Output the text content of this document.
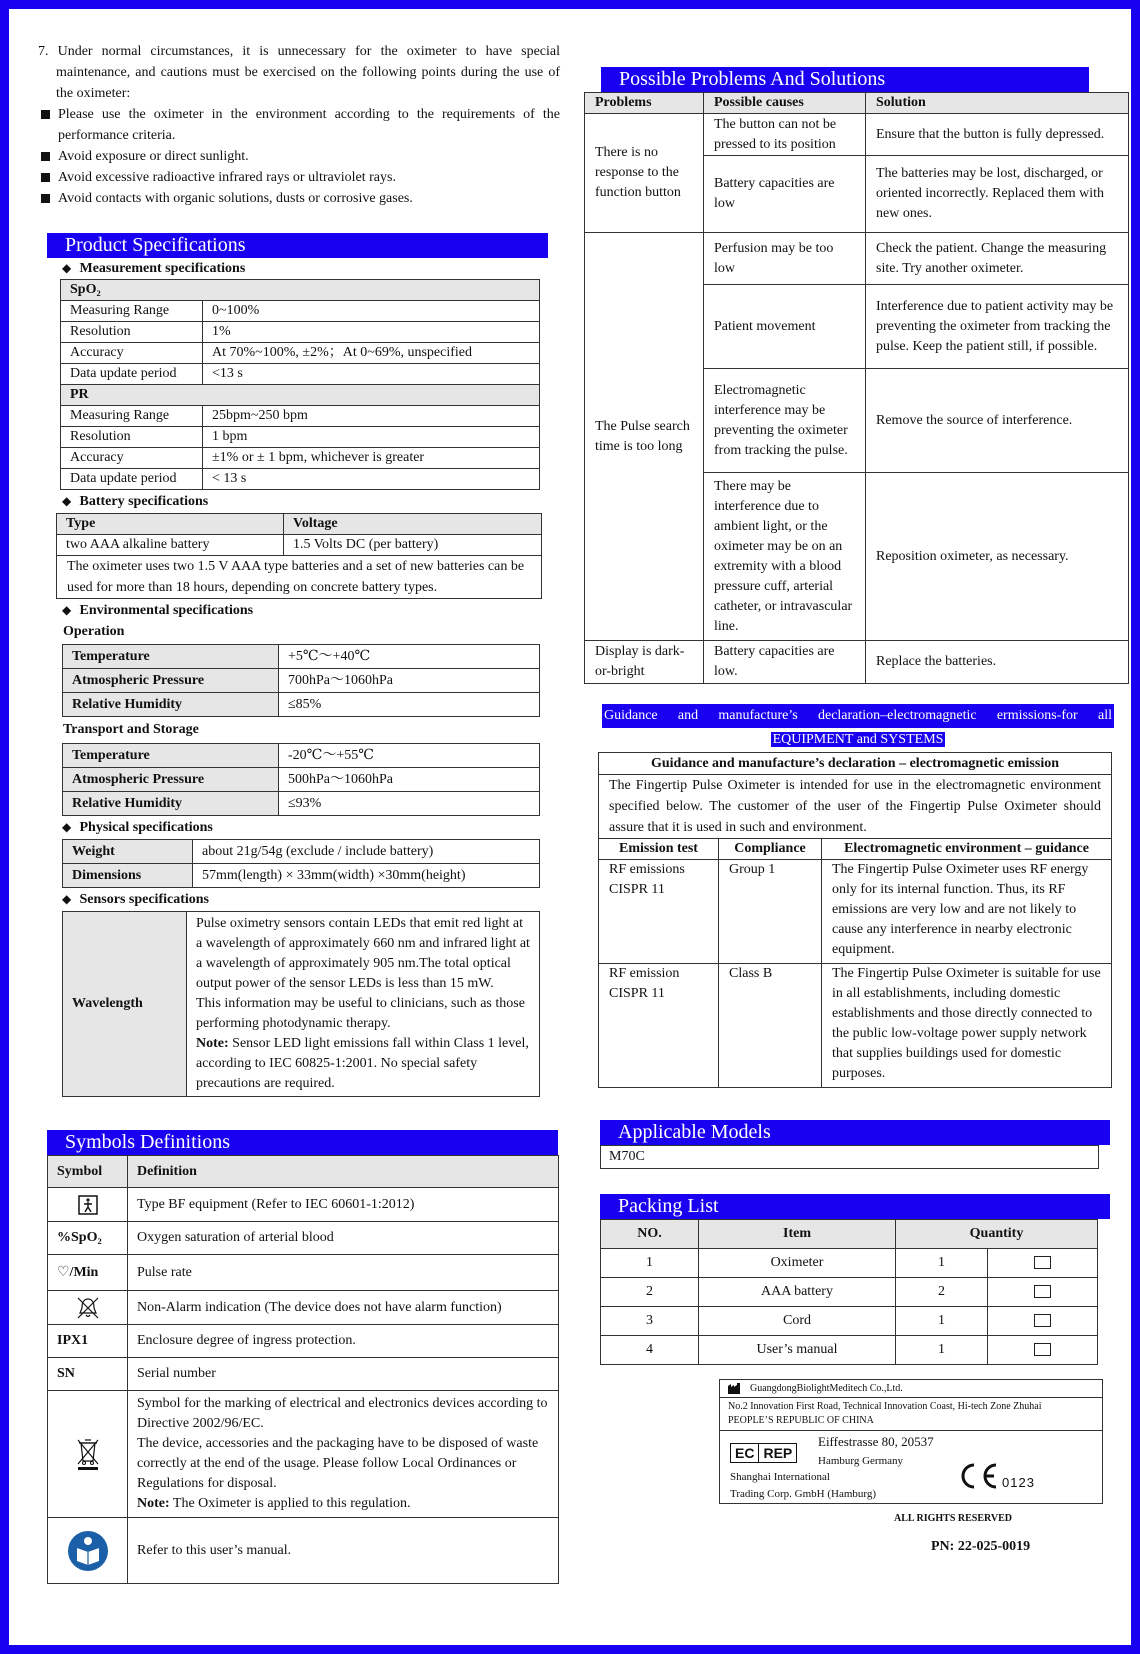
7. Under normal circumstances, it is unnecessary for the oximeter to have special maintenance, and cautions must be exercised on the following points during the use of the oximeter:

Please use the oximeter in the environment according to the requirements of the performance criteria.
Avoid exposure or direct sunlight.
Avoid excessive radioactive infrared rays or ultraviolet rays.
Avoid contacts with organic solutions, dusts or corrosive gases.
Product Specifications
◆ Measurement specifications
SpO₂	
Measuring Range	0~100%
Resolution	1%
Accuracy	At 70%~100%, ±2%；At 0~69%, unspecified
Data update period	<13 s
PR	
Measuring Range	25bpm~250 bpm
Resolution	1 bpm
Accuracy	±1% or ± 1 bpm, whichever is greater
Data update period	< 13 s
◆ Battery specifications
Type	Voltage
two AAA alkaline battery	1.5 Volts DC (per battery)
The oximeter uses two 1.5 V AAA type batteries and a set of new batteries can be used for more than 18 hours, depending on concrete battery types.	
◆ Environmental specifications
Operation
Temperature	+5℃～+40℃
Atmospheric Pressure	700hPa～1060hPa
Relative Humidity	≤85%
Transport and Storage
Temperature	-20℃～+55℃
Atmospheric Pressure	500hPa～1060hPa
Relative Humidity	≤93%
◆ Physical specifications
Weight	about 21g/54g (exclude / include battery)
Dimensions	57mm(length) × 33mm(width) ×30mm(height)
◆ Sensors specifications
Wavelength	
Pulse oximetry sensors contain LEDs that emit red light at a wavelength of approximately 660 nm and infrared light at a wavelength of approximately 905 nm.The total optical output power of the sensor LEDs is less than 15 mW.
This information may be useful to clinicians, such as those performing photodynamic therapy.
Note: Sensor LED light emissions fall within Class 1 level, according to IEC 60825-1:2001. No special safety precautions are required.
Symbols Definitions
Symbol	Definition

	Type BF equipment (Refer to IEC 60601-1:2012)
%SpO₂	Oxygen saturation of arterial blood
♡/Min	Pulse rate

	Non-Alarm indication (The device does not have alarm function)
IPX1	Enclosure degree of ingress protection.
SN	Serial number

Symbol for the marking of electrical and electronics devices according to Directive 2002/96/EC.
The device, accessories and the packaging have to be disposed of waste correctly at the end of the usage. Please follow Local Ordinances or Regulations for disposal.
Note: The Oximeter is applied to this regulation.

	Refer to this user’s manual.
Possible Problems And Solutions
Problems	Possible causes	Solution
There is no response to the function button	The button can not be pressed to its position	Ensure that the button is fully depressed.
	Battery capacities are low	The batteries may be lost, discharged, or oriented incorrectly. Replaced them with new ones.
The Pulse search time is too long	Perfusion may be too low	Check the patient. Change the measuring site. Try another oximeter.
	Patient movement	Interference due to patient activity may be preventing the oximeter from tracking the pulse. Keep the patient still, if possible.
	Electromagnetic interference may be preventing the oximeter from tracking the pulse.	Remove the source of interference.
	There may be interference due to ambient light, or the oximeter may be on an extremity with a blood pressure cuff, arterial catheter, or intravascular line.	Reposition oximeter, as necessary.
Display is dark-or-bright	Battery capacities are low.	Replace the batteries.
Guidance and manufacture’s declaration–electromagnetic ermissions-for all
EQUIPMENT and SYSTEMS
Guidance and manufacture’s declaration – electromagnetic emission		
The Fingertip Pulse Oximeter is intended for use in the electromagnetic environment specified below. The customer of the user of the Fingertip Pulse Oximeter should assure that it is used in such and environment.		
Emission test	Compliance	Electromagnetic environment – guidance
RF emissions CISPR 11	Group 1	The Fingertip Pulse Oximeter uses RF energy only for its internal function. Thus, its RF emissions are very low and are not likely to cause any interference in nearby electronic equipment.
RF emission CISPR 11	Class B	The Fingertip Pulse Oximeter is suitable for use in all establishments, including domestic establishments and those directly connected to the public low-voltage power supply network that supplies buildings used for domestic purposes.
Applicable Models
M70C
Packing List
NO.	Item	Quantity	
1	Oximeter	1	
2	AAA battery	2	
3	Cord	1	
4	User’s manual	1	
GuangdongBiolightMeditech Co.,Ltd.
No.2 Innovation First Road, Technical Innovation Coast, Hi-tech Zone Zhuhai
PEOPLE’S REPUBLIC OF CHINA
EC REP
Eiffestrasse 80, 20537
Hamburg Germany
Shanghai International
Trading Corp. GmbH (Hamburg)
0123
ALL RIGHTS RESERVED
PN: 22-025-0019
